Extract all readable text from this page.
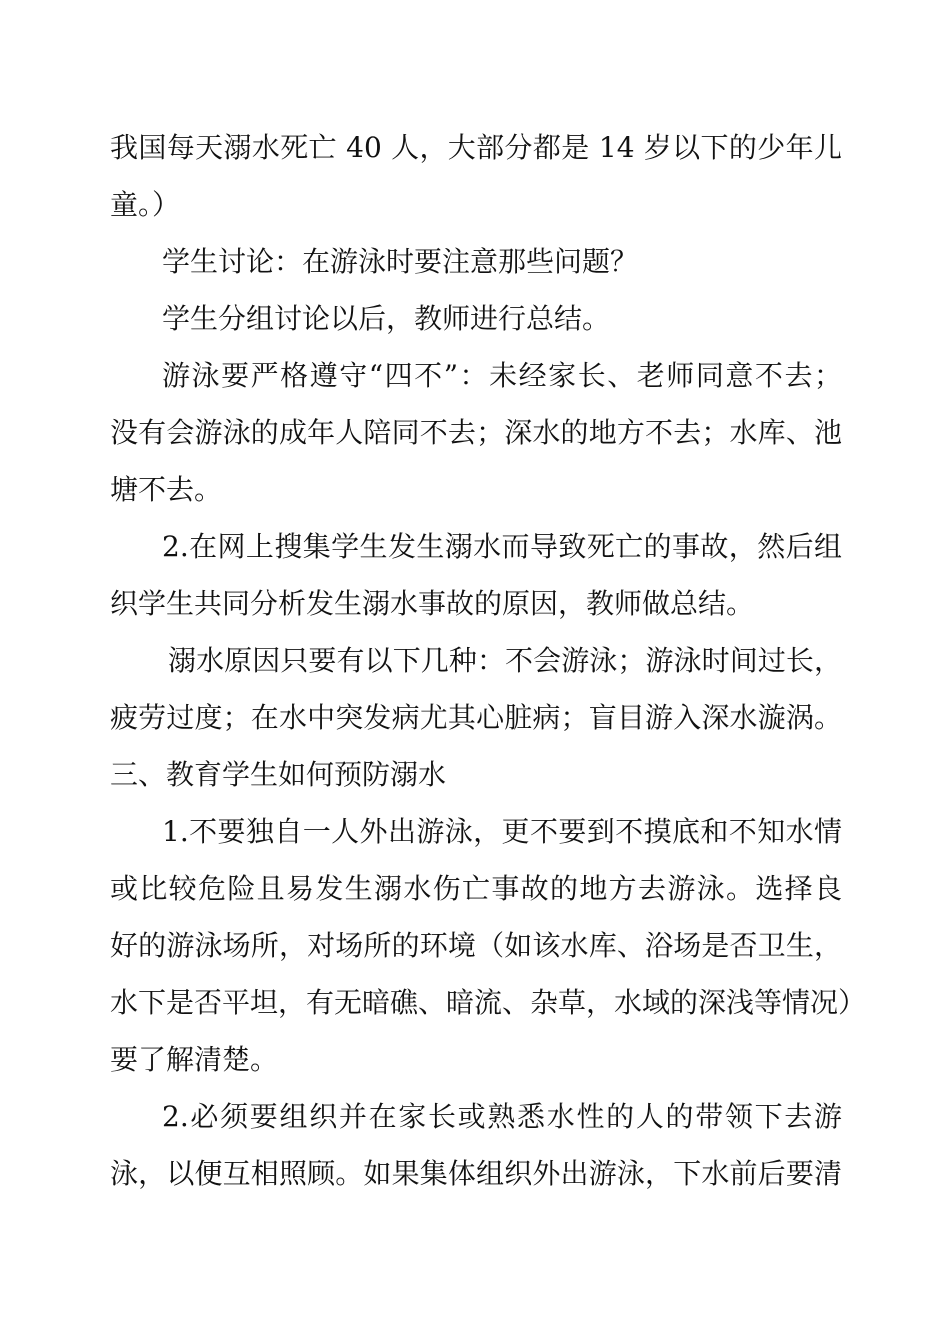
我国每天溺水死亡 40 人，大部分都是 14 岁以下的少年儿
童。）
学生讨论：在游泳时要注意那些问题？
学生分组讨论以后，教师进行总结。
游泳要严格遵守“四不”：未经家长、老师同意不去；
没有会游泳的成年人陪同不去；深水的地方不去；水库、池
塘不去。
2.在网上搜集学生发生溺水而导致死亡的事故，然后组
织学生共同分析发生溺水事故的原因，教师做总结。
溺水原因只要有以下几种：不会游泳；游泳时间过长，
疲劳过度；在水中突发病尤其心脏病；盲目游入深水漩涡。
三、教育学生如何预防溺水
1.不要独自一人外出游泳，更不要到不摸底和不知水情
或比较危险且易发生溺水伤亡事故的地方去游泳。选择良
好的游泳场所，对场所的环境（如该水库、浴场是否卫生，
水下是否平坦，有无暗礁、暗流、杂草，水域的深浅等情况）
要了解清楚。
2.必须要组织并在家长或熟悉水性的人的带领下去游
泳，以便互相照顾。如果集体组织外出游泳，下水前后要清
